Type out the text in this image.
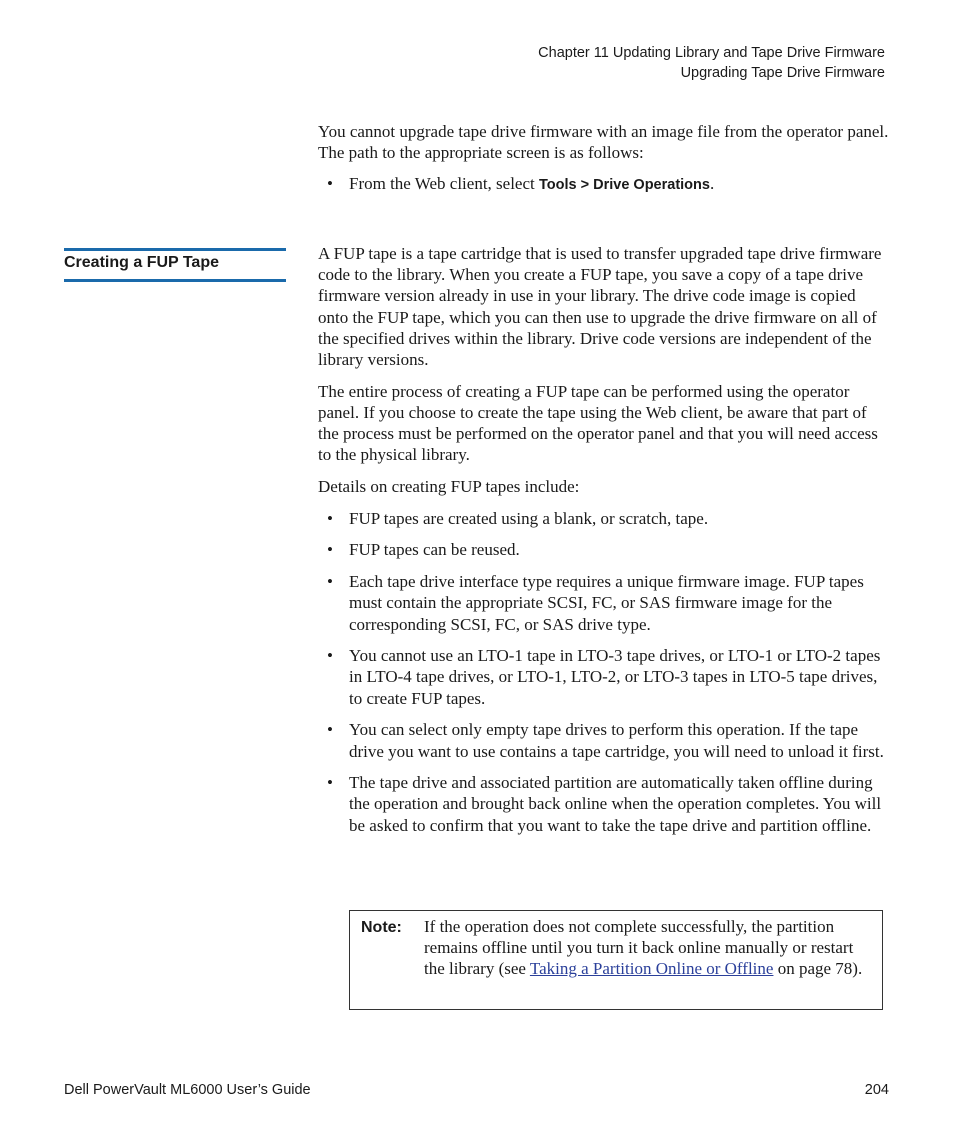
Chapter 11 Updating Library and Tape Drive Firmware
Upgrading Tape Drive Firmware

You cannot upgrade tape drive firmware with an image file from the operator panel. The path to the appropriate screen is as follows:

• From the Web client, select Tools > Drive Operations.
Creating a FUP Tape	A FUP tape is a tape cartridge that is used to transfer upgraded tape drive firmware code to the library. When you create a FUP tape, you save a copy of a tape drive firmware version already in use in your library. The drive code image is copied onto the FUP tape, which you can then use to upgrade the drive firmware on all of the specified drives within the library. Drive code versions are independent of the library versions.

The entire process of creating a FUP tape can be performed using the operator panel. If you choose to create the tape using the Web client, be aware that part of the process must be performed on the operator panel and that you will need access to the physical library.

Details on creating FUP tapes include:

• FUP tapes are created using a blank, or scratch, tape.
• FUP tapes can be reused.
• Each tape drive interface type requires a unique firmware image. FUP tapes must contain the appropriate SCSI, FC, or SAS firmware image for the corresponding SCSI, FC, or SAS drive type.
• You cannot use an LTO-1 tape in LTO-3 tape drives, or LTO-1 or LTO-2 tapes in LTO-4 tape drives, or LTO-1, LTO-2, or LTO-3 tapes in LTO-5 tape drives, to create FUP tapes.
• You can select only empty tape drives to perform this operation. If the tape drive you want to use contains a tape cartridge, you will need to unload it first.
• The tape drive and associated partition are automatically taken offline during the operation and brought back online when the operation completes. You will be asked to confirm that you want to take the tape drive and partition offline.
Note: If the operation does not complete successfully, the partition remains offline until you turn it back online manually or restart the library (see Taking a Partition Online or Offline on page 78).
Dell PowerVault ML6000 User’s Guide	204
